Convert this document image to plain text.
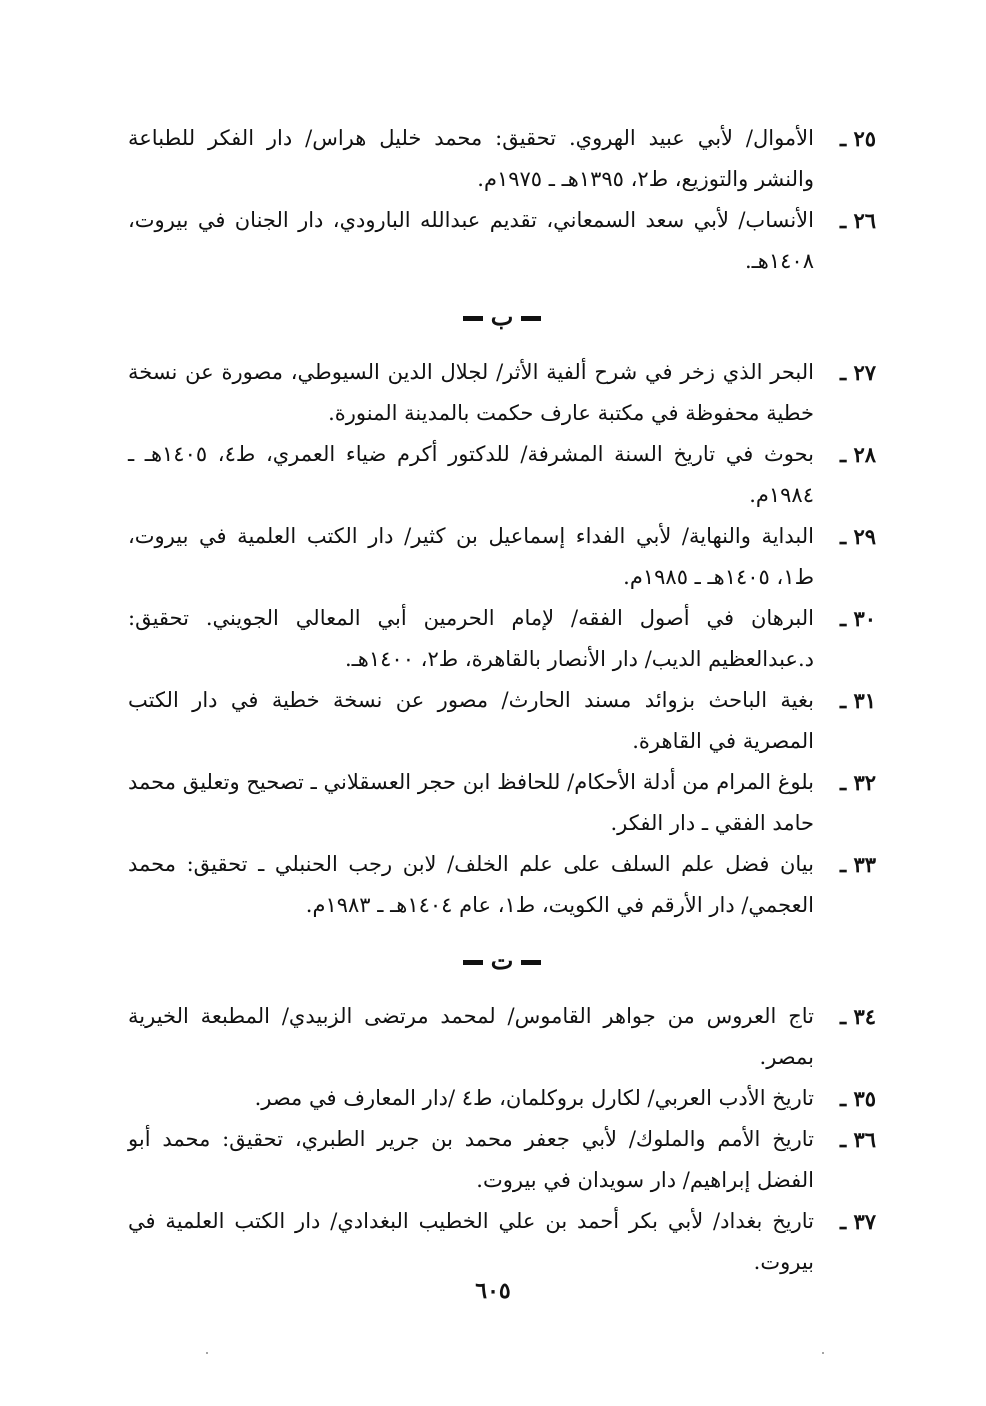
٢٥ ـ
الأموال/ لأبي عبيد الهروي. تحقيق: محمد خليل هراس/ دار الفكر للطباعة والنشر والتوزيع، ط٢، ١٣٩٥هـ ـ ١٩٧٥م.
٢٦ ـ
الأنساب/ لأبي سعد السمعاني، تقديم عبدالله البارودي، دار الجنان في بيروت، ١٤٠٨هـ.
ب
٢٧ ـ
البحر الذي زخر في شرح ألفية الأثر/ لجلال الدين السيوطي، مصورة عن نسخة خطية محفوظة في مكتبة عارف حكمت بالمدينة المنورة.
٢٨ ـ
بحوث في تاريخ السنة المشرفة/ للدكتور أكرم ضياء العمري، ط٤، ١٤٠٥هـ ـ ١٩٨٤م.
٢٩ ـ
البداية والنهاية/ لأبي الفداء إسماعيل بن كثير/ دار الكتب العلمية في بيروت، ط١، ١٤٠٥هـ ـ ١٩٨٥م.
٣٠ ـ
البرهان في أصول الفقه/ لإمام الحرمين أبي المعالي الجويني. تحقيق: د.عبدالعظيم الديب/ دار الأنصار بالقاهرة، ط٢، ١٤٠٠هـ.
٣١ ـ
بغية الباحث بزوائد مسند الحارث/ مصور عن نسخة خطية في دار الكتب المصرية في القاهرة.
٣٢ ـ
بلوغ المرام من أدلة الأحكام/ للحافظ ابن حجر العسقلاني ـ تصحيح وتعليق محمد حامد الفقي ـ دار الفكر.
٣٣ ـ
بيان فضل علم السلف على علم الخلف/ لابن رجب الحنبلي ـ تحقيق: محمد العجمي/ دار الأرقم في الكويت، ط١، عام ١٤٠٤هـ ـ ١٩٨٣م.
ت
٣٤ ـ
تاج العروس من جواهر القاموس/ لمحمد مرتضى الزبيدي/ المطبعة الخيرية بمصر.
٣٥ ـ
تاريخ الأدب العربي/ لكارل بروكلمان، ط٤ /دار المعارف في مصر.
٣٦ ـ
تاريخ الأمم والملوك/ لأبي جعفر محمد بن جرير الطبري، تحقيق: محمد أبو الفضل إبراهيم/ دار سويدان في بيروت.
٣٧ ـ
تاريخ بغداد/ لأبي بكر أحمد بن علي الخطيب البغدادي/ دار الكتب العلمية في بيروت.
٦٠٥
